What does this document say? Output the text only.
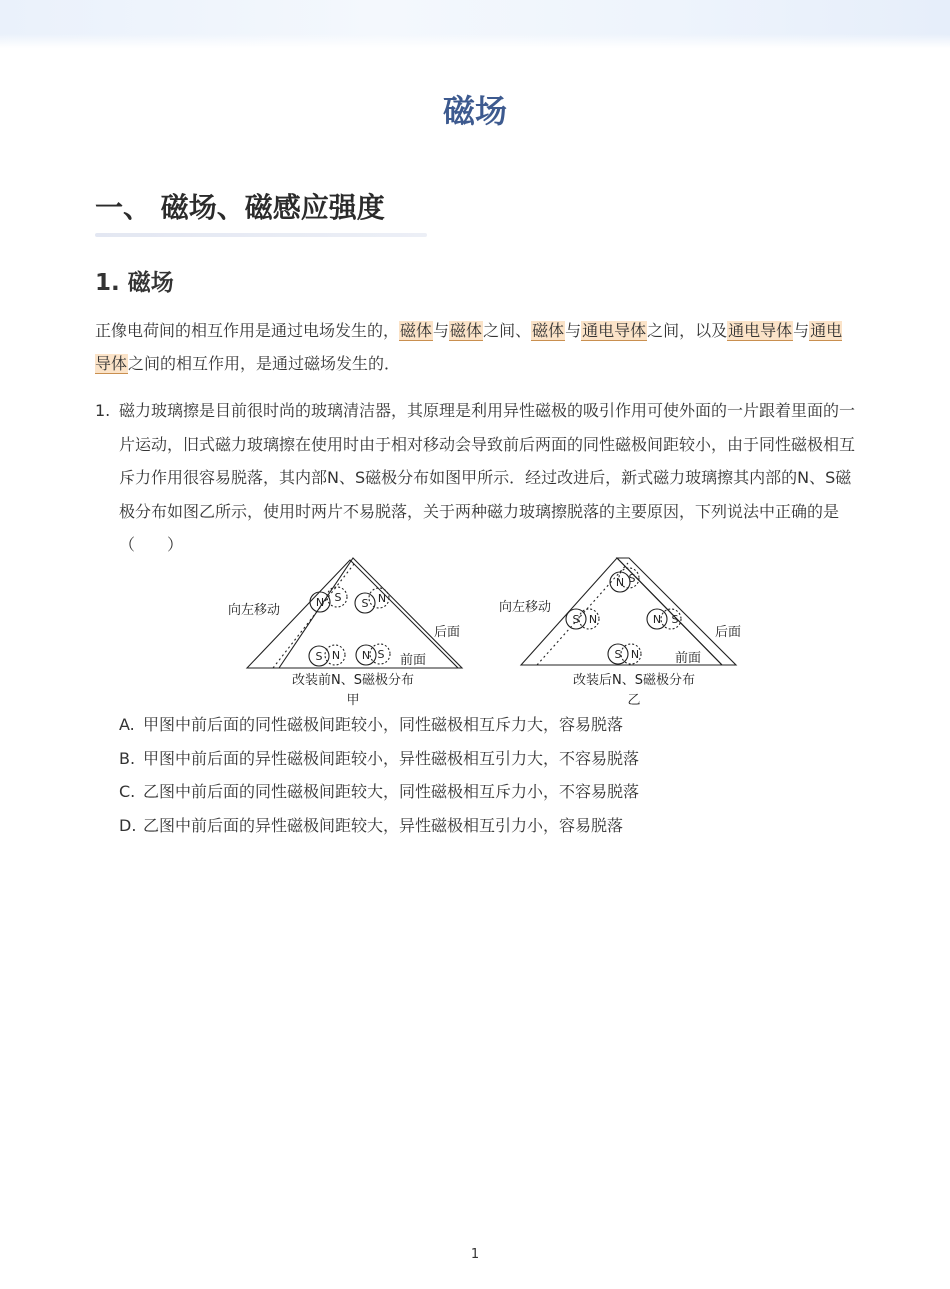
磁场
一、 磁场、磁感应强度
1. 磁场
正像电荷间的相互作用是通过电场发生的，磁体与磁体之间、磁体与通电导体之间，以及通电导体与通电导体之间的相互作用，是通过磁场发生的．
1. 磁力玻璃擦是目前很时尚的玻璃清洁器，其原理是利用异性磁极的吸引作用可使外面的一片跟着里面的一片运动，旧式磁力玻璃擦在使用时由于相对移动会导致前后两面的同性磁极间距较小，由于同性磁极相互斥力作用很容易脱落，其内部N、S磁极分布如图甲所示．经过改进后，新式磁力玻璃擦其内部的N、S磁极分布如图乙所示，使用时两片不易脱落，关于两种磁力玻璃擦脱落的主要原因，下列说法中正确的是（　　）
N S S N
S N N S
向左移动
后面
前面
改装前N、S磁极分布
甲
N S
S N	N S
S N
向左移动
后面
前面
改装后N、S磁极分布
乙
A. 甲图中前后面的同性磁极间距较小，同性磁极相互斥力大，容易脱落
B. 甲图中前后面的异性磁极间距较小，异性磁极相互引力大，不容易脱落
C. 乙图中前后面的同性磁极间距较大，同性磁极相互斥力小，不容易脱落
D. 乙图中前后面的异性磁极间距较大，异性磁极相互引力小，容易脱落
1
